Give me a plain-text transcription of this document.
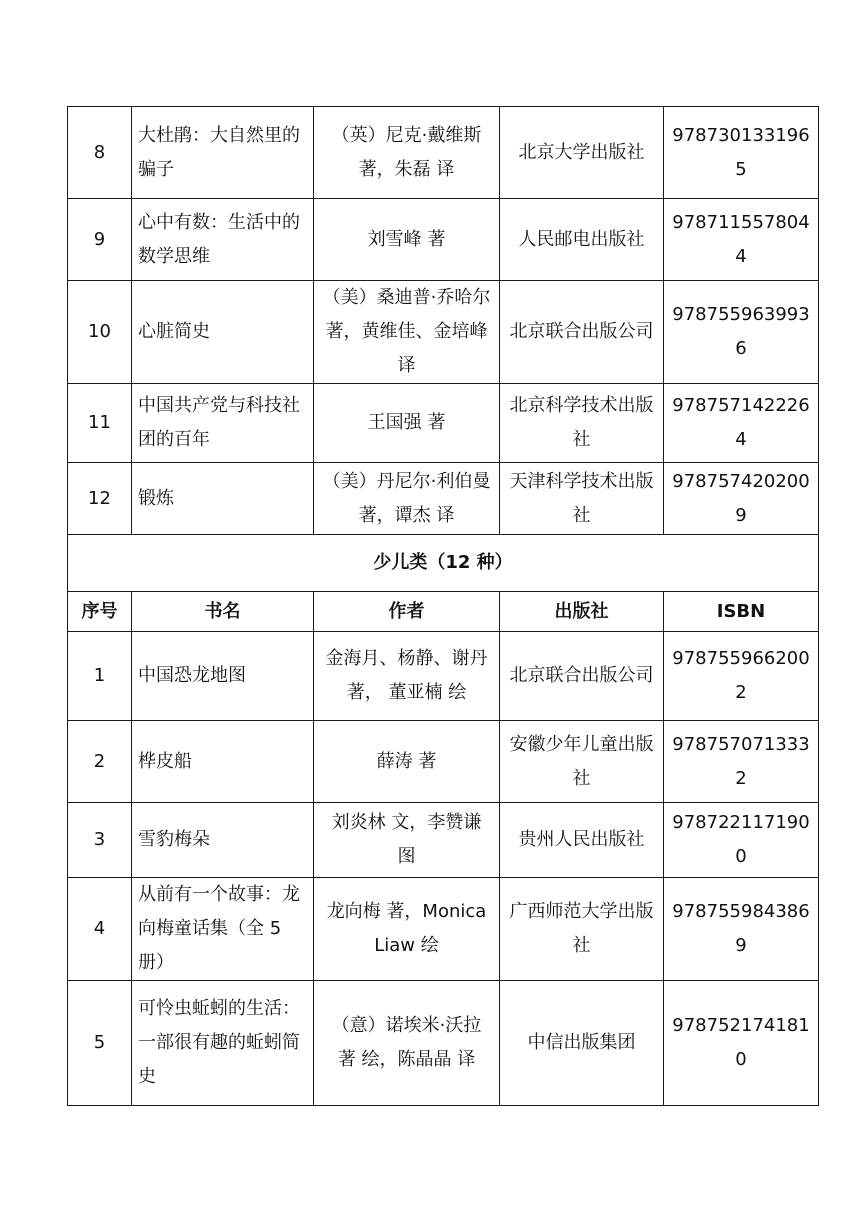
8	大杜鹃：大自然里的骗子	（英）尼克·戴维斯 著，朱磊 译	北京大学出版社	9787301331965
9	心中有数：生活中的数学思维	刘雪峰 著	人民邮电出版社	9787115578044
10	心脏简史	（美）桑迪普·乔哈尔 著，黄维佳、金培峰 译	北京联合出版公司	9787559639936
11	中国共产党与科技社团的百年	王国强 著	北京科学技术出版社	9787571422264
12	锻炼	（美）丹尼尔·利伯曼 著，谭杰 译	天津科学技术出版社	9787574202009
少儿类（12 种）				
序号	书名	作者	出版社	ISBN
1	中国恐龙地图	金海月、杨静、谢丹 著， 董亚楠 绘	北京联合出版公司	9787559662002
2	桦皮船	薛涛 著	安徽少年儿童出版社	9787570713332
3	雪豹梅朵	刘炎林 文，李赞谦 图	贵州人民出版社	9787221171900
4	从前有一个故事：龙向梅童话集（全 5 册）	龙向梅 著，Monica Liaw 绘	广西师范大学出版社	9787559843869
5	可怜虫蚯蚓的生活：一部很有趣的蚯蚓简史	（意）诺埃米·沃拉 著 绘，陈晶晶 译	中信出版集团	9787521741810
